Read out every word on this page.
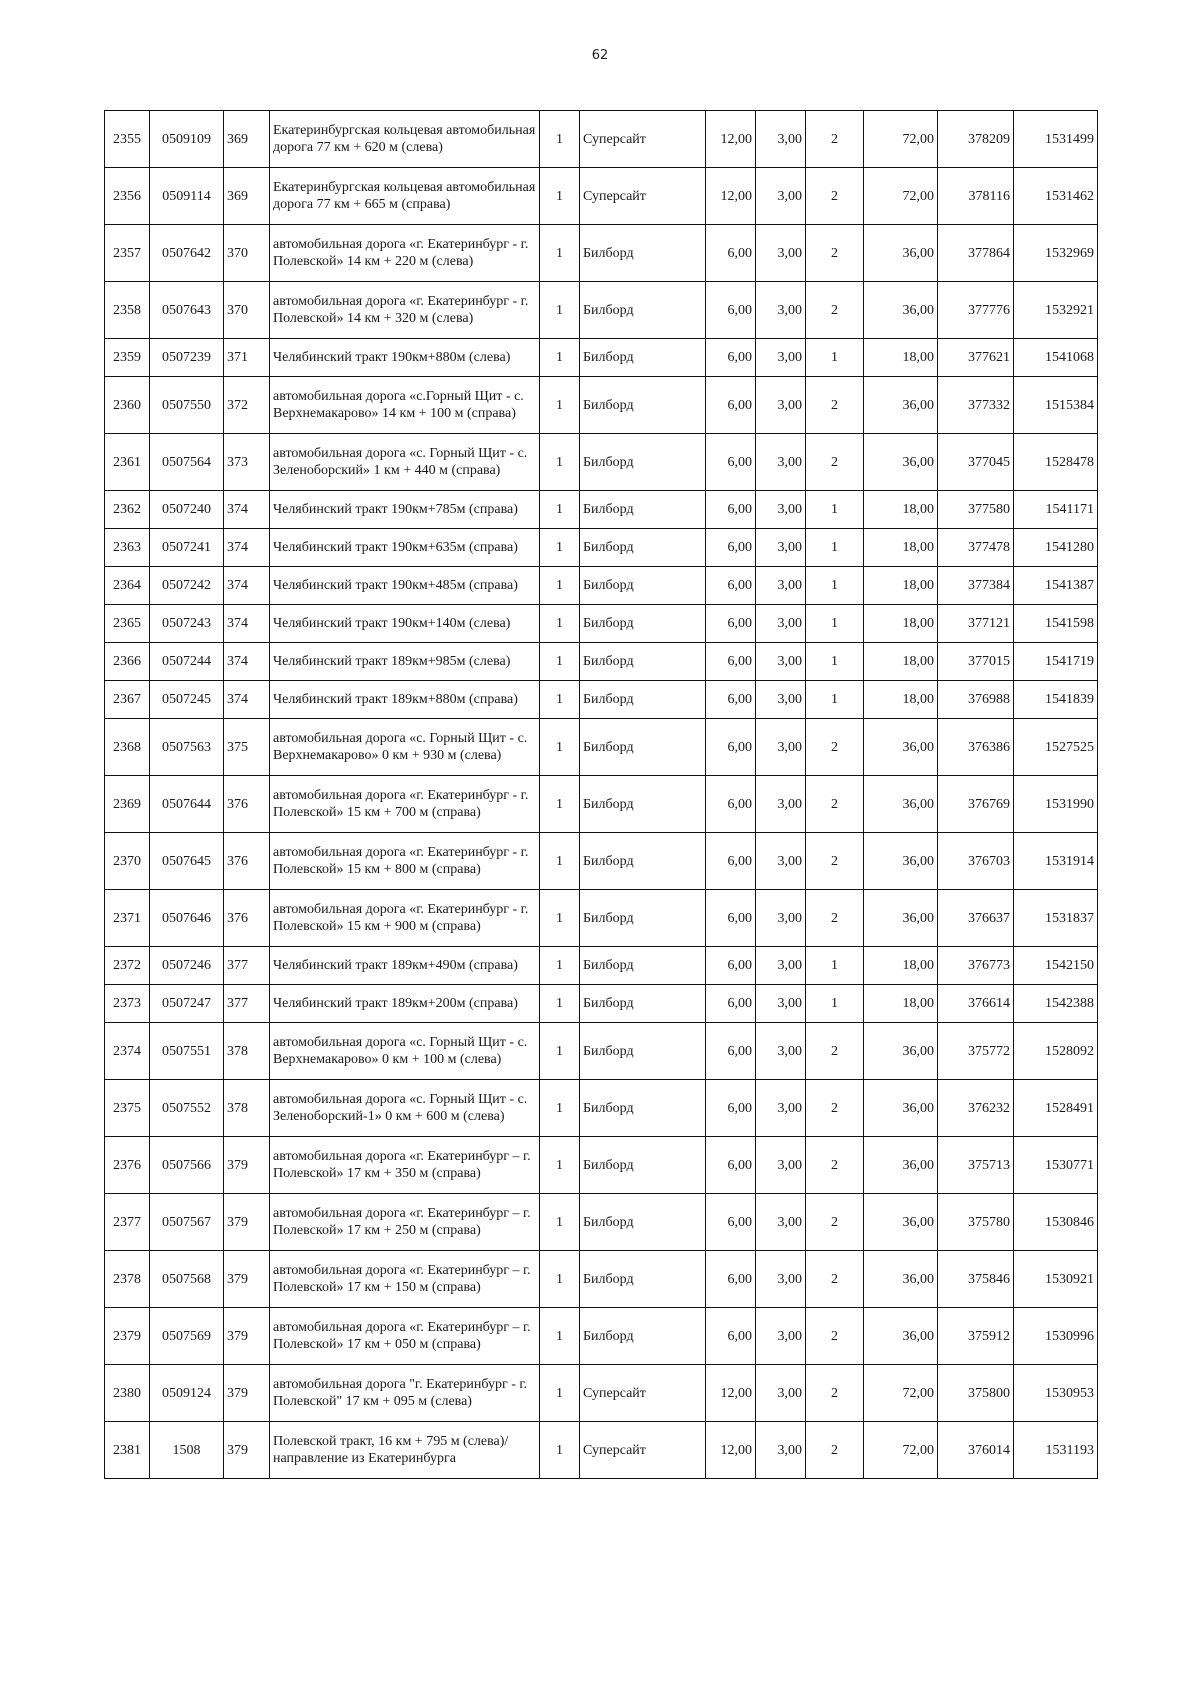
62
2355	0509109	369	Екатеринбургская кольцевая автомобильная дорога 77 км + 620 м (слева)	1	Суперсайт	12,00	3,00	2	72,00	378209	1531499
2356	0509114	369	Екатеринбургская кольцевая автомобильная дорога 77 км + 665 м (справа)	1	Суперсайт	12,00	3,00	2	72,00	378116	1531462
2357	0507642	370	автомобильная дорога «г. Екатеринбург - г. Полевской» 14 км + 220 м (слева)	1	Билборд	6,00	3,00	2	36,00	377864	1532969
2358	0507643	370	автомобильная дорога «г. Екатеринбург - г. Полевской» 14 км + 320 м (слева)	1	Билборд	6,00	3,00	2	36,00	377776	1532921
2359	0507239	371	Челябинский тракт 190км+880м (слева)	1	Билборд	6,00	3,00	1	18,00	377621	1541068
2360	0507550	372	автомобильная дорога «с.Горный Щит - с. Верхнемакарово» 14 км + 100 м (справа)	1	Билборд	6,00	3,00	2	36,00	377332	1515384
2361	0507564	373	автомобильная дорога «с. Горный Щит - с. Зеленоборский» 1 км + 440 м (справа)	1	Билборд	6,00	3,00	2	36,00	377045	1528478
2362	0507240	374	Челябинский тракт 190км+785м (справа)	1	Билборд	6,00	3,00	1	18,00	377580	1541171
2363	0507241	374	Челябинский тракт 190км+635м (справа)	1	Билборд	6,00	3,00	1	18,00	377478	1541280
2364	0507242	374	Челябинский тракт 190км+485м (справа)	1	Билборд	6,00	3,00	1	18,00	377384	1541387
2365	0507243	374	Челябинский тракт 190км+140м (слева)	1	Билборд	6,00	3,00	1	18,00	377121	1541598
2366	0507244	374	Челябинский тракт 189км+985м (слева)	1	Билборд	6,00	3,00	1	18,00	377015	1541719
2367	0507245	374	Челябинский тракт 189км+880м (справа)	1	Билборд	6,00	3,00	1	18,00	376988	1541839
2368	0507563	375	автомобильная дорога «с. Горный Щит - с. Верхнемакарово» 0 км + 930 м (слева)	1	Билборд	6,00	3,00	2	36,00	376386	1527525
2369	0507644	376	автомобильная дорога «г. Екатеринбург - г. Полевской» 15 км + 700 м (справа)	1	Билборд	6,00	3,00	2	36,00	376769	1531990
2370	0507645	376	автомобильная дорога «г. Екатеринбург - г. Полевской» 15 км + 800 м (справа)	1	Билборд	6,00	3,00	2	36,00	376703	1531914
2371	0507646	376	автомобильная дорога «г. Екатеринбург - г. Полевской» 15 км + 900 м (справа)	1	Билборд	6,00	3,00	2	36,00	376637	1531837
2372	0507246	377	Челябинский тракт 189км+490м (справа)	1	Билборд	6,00	3,00	1	18,00	376773	1542150
2373	0507247	377	Челябинский тракт 189км+200м (справа)	1	Билборд	6,00	3,00	1	18,00	376614	1542388
2374	0507551	378	автомобильная дорога «с. Горный Щит - с. Верхнемакарово» 0 км + 100 м (слева)	1	Билборд	6,00	3,00	2	36,00	375772	1528092
2375	0507552	378	автомобильная дорога «с. Горный Щит - с. Зеленоборский-1» 0 км + 600 м (слева)	1	Билборд	6,00	3,00	2	36,00	376232	1528491
2376	0507566	379	автомобильная дорога «г. Екатеринбург – г. Полевской» 17 км + 350 м (справа)	1	Билборд	6,00	3,00	2	36,00	375713	1530771
2377	0507567	379	автомобильная дорога «г. Екатеринбург – г. Полевской» 17 км + 250 м (справа)	1	Билборд	6,00	3,00	2	36,00	375780	1530846
2378	0507568	379	автомобильная дорога «г. Екатеринбург – г. Полевской» 17 км + 150 м (справа)	1	Билборд	6,00	3,00	2	36,00	375846	1530921
2379	0507569	379	автомобильная дорога «г. Екатеринбург – г. Полевской» 17 км + 050 м (справа)	1	Билборд	6,00	3,00	2	36,00	375912	1530996
2380	0509124	379	автомобильная дорога "г. Екатеринбург - г. Полевской" 17 км + 095 м (слева)	1	Суперсайт	12,00	3,00	2	72,00	375800	1530953
2381	1508	379	Полевской тракт, 16 км + 795 м (слева)/направление из Екатеринбурга	1	Суперсайт	12,00	3,00	2	72,00	376014	1531193
